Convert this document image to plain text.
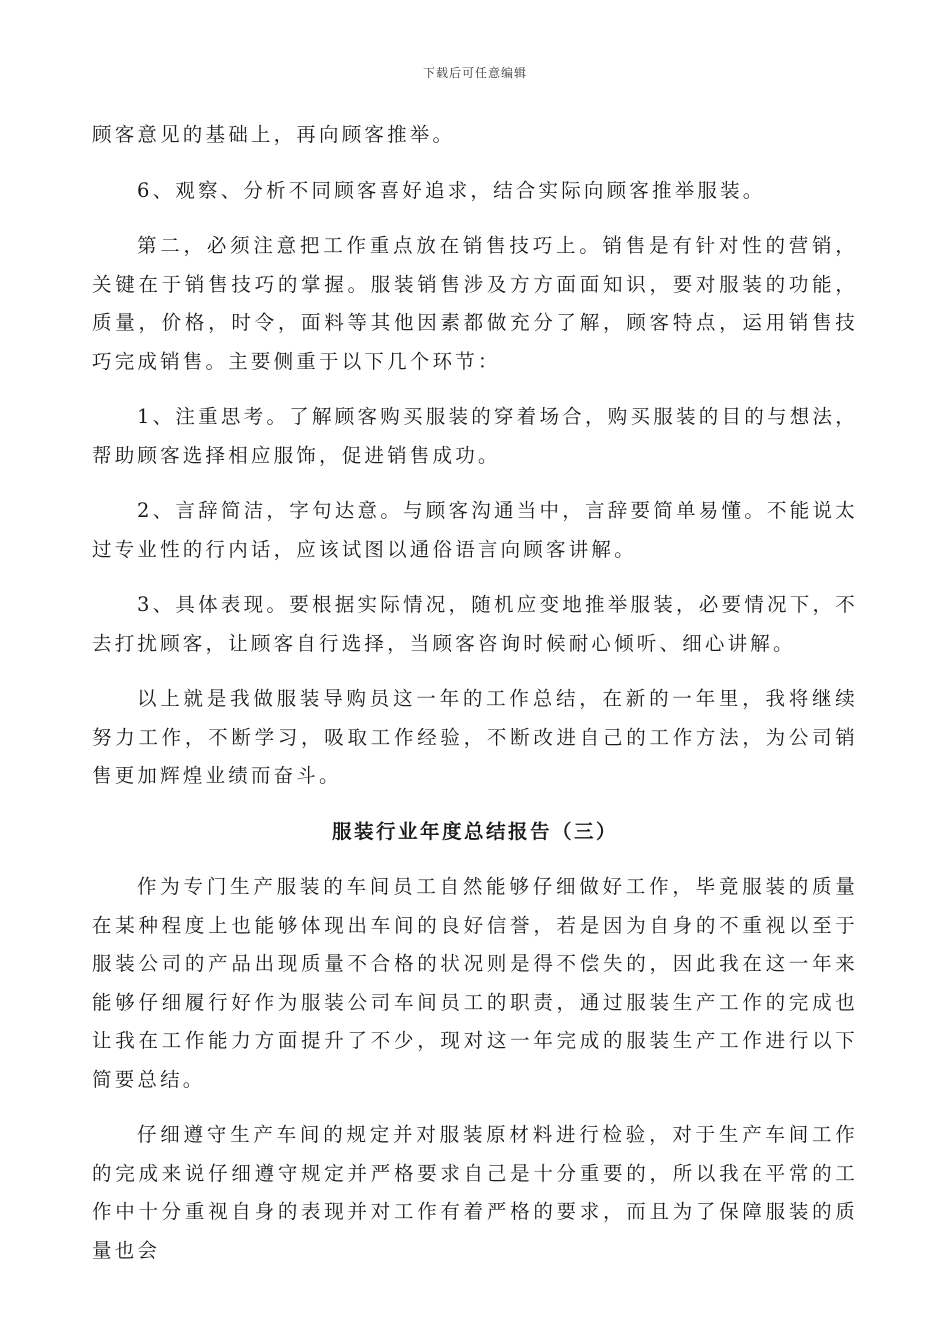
下载后可任意编辑

顾客意见的基础上，再向顾客推举。

6、观察、分析不同顾客喜好追求，结合实际向顾客推举服装。

第二，必须注意把工作重点放在销售技巧上。销售是有针对性的营销，关键在于销售技巧的掌握。服装销售涉及方方面面知识，要对服装的功能，质量，价格，时令，面料等其他因素都做充分了解，顾客特点，运用销售技巧完成销售。主要侧重于以下几个环节：

1、注重思考。了解顾客购买服装的穿着场合，购买服装的目的与想法，帮助顾客选择相应服饰，促进销售成功。

2、言辞简洁，字句达意。与顾客沟通当中，言辞要简单易懂。不能说太过专业性的行内话，应该试图以通俗语言向顾客讲解。

3、具体表现。要根据实际情况，随机应变地推举服装，必要情况下，不去打扰顾客，让顾客自行选择，当顾客咨询时候耐心倾听、细心讲解。

以上就是我做服装导购员这一年的工作总结，在新的一年里，我将继续努力工作，不断学习，吸取工作经验，不断改进自己的工作方法，为公司销售更加辉煌业绩而奋斗。

服装行业年度总结报告（三）

作为专门生产服装的车间员工自然能够仔细做好工作，毕竟服装的质量在某种程度上也能够体现出车间的良好信誉，若是因为自身的不重视以至于服装公司的产品出现质量不合格的状况则是得不偿失的，因此我在这一年来能够仔细履行好作为服装公司车间员工的职责，通过服装生产工作的完成也让我在工作能力方面提升了不少，现对这一年完成的服装生产工作进行以下简要总结。

仔细遵守生产车间的规定并对服装原材料进行检验，对于生产车间工作的完成来说仔细遵守规定并严格要求自己是十分重要的，所以我在平常的工作中十分重视自身的表现并对工作有着严格的要求，而且为了保障服装的质量也会
